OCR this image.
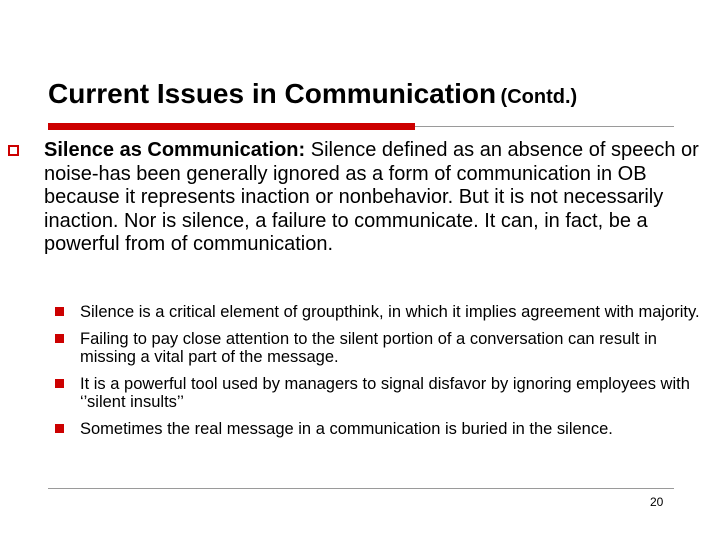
Current Issues in Communication (Contd.)
Silence as Communication: Silence defined as an absence of speech or noise-has been generally ignored as a form of communication in OB because it represents inaction or nonbehavior. But it is not necessarily inaction. Nor is silence, a failure to communicate. It can, in fact, be a powerful from of communication.
Silence is a critical element of groupthink, in which it implies agreement with majority.
Failing to pay close attention to the silent portion of a conversation can result in missing a vital part of the message.
It is a powerful tool used by managers to signal disfavor by ignoring employees with ‘’silent insults’’
Sometimes the real message in a communication is buried in the silence.
20
